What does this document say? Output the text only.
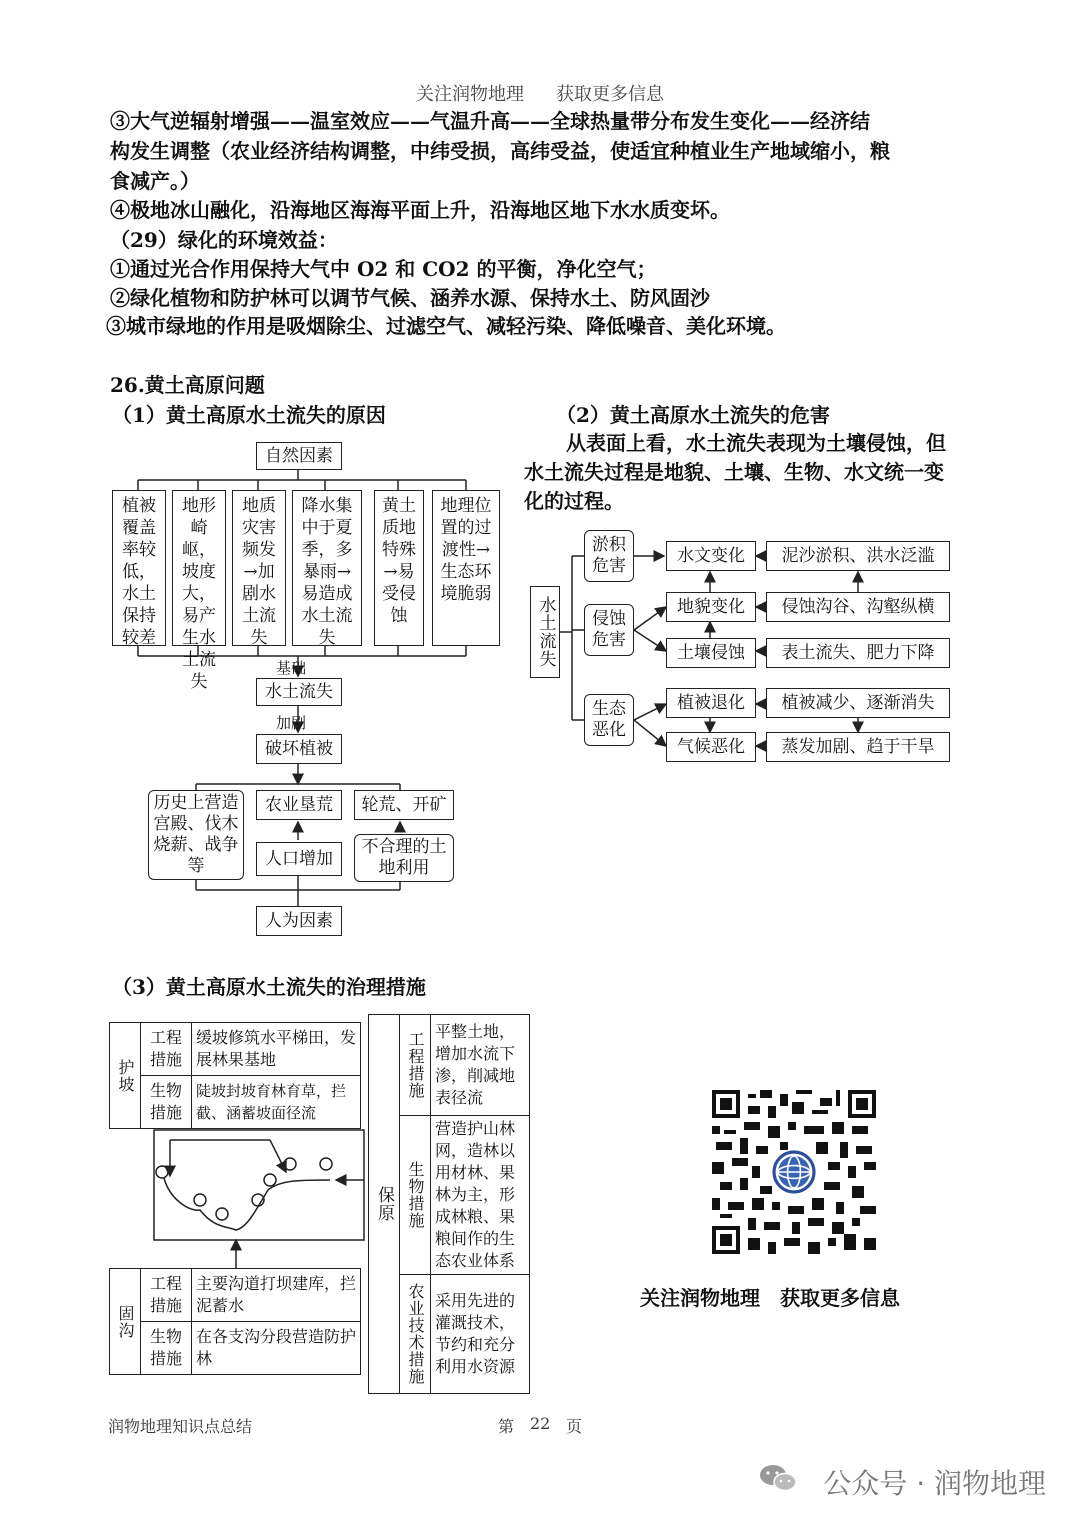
关注润物地理 获取更多信息
③大气逆辐射增强——温室效应——气温升高——全球热量带分布发生变化——经济结
构发生调整（农业经济结构调整，中纬受损，高纬受益，使适宜种植业生产地域缩小，粮
食减产。）
④极地冰山融化，沿海地区海海平面上升，沿海地区地下水水质变坏。
（29）绿化的环境效益：
①通过光合作用保持大气中 O2 和 CO2 的平衡，净化空气；
②绿化植物和防护林可以调节气候、涵养水源、保持水土、防风固沙
③城市绿地的作用是吸烟除尘、过滤空气、减轻污染、降低噪音、美化环境。
26.黄土高原问题
（1）黄土高原水土流失的原因	（2）黄土高原水土流失的危害
从表面上看，水土流失表现为土壤侵蚀，但
水土流失过程是地貌、土壤、生物、水文统一变
化的过程。
自然因素
植被覆盖率较低，水土保持较差
地形崎岖，坡度大，易产生水土流失
地质灾害频发→加剧水土流失
降水集中于夏季，多暴雨→易造成水土流失
黄土质地特殊→易受侵蚀
地理位置的过渡性→生态环境脆弱
基础
水土流失
加剧
破坏植被
历史上营造宫殿、伐木烧薪、战争等
农业垦荒	轮荒、开矿
人口增加
不合理的土地利用
人为因素
水土流失
淤积危害
侵蚀危害
生态恶化
水文变化
地貌变化
土壤侵蚀
植被退化
气候恶化
泥沙淤积、洪水泛滥
侵蚀沟谷、沟壑纵横
表土流失、肥力下降
植被减少、逐渐消失
蒸发加剧、趋于干旱
（3）黄土高原水土流失的治理措施
护坡	工程措施	缓坡修筑水平梯田，发展林果基地
	生物措施	陡坡封坡育林育草，拦截、涵蓄坡面径流
固沟	工程措施	主要沟道打坝建库，拦泥蓄水
	生物措施	在各支沟分段营造防护林
保原	工程措施	平整土地，增加水流下渗，削减地表径流
	生物措施	营造护山林网，造林以用材林、果林为主，形成林粮、果粮间作的生态农业体系
	农业技术措施	采用先进的灌溉技术，节约和充分利用水资源
关注润物地理　获取更多信息
润物地理知识点总结	第 22 页
公众号 · 润物地理
